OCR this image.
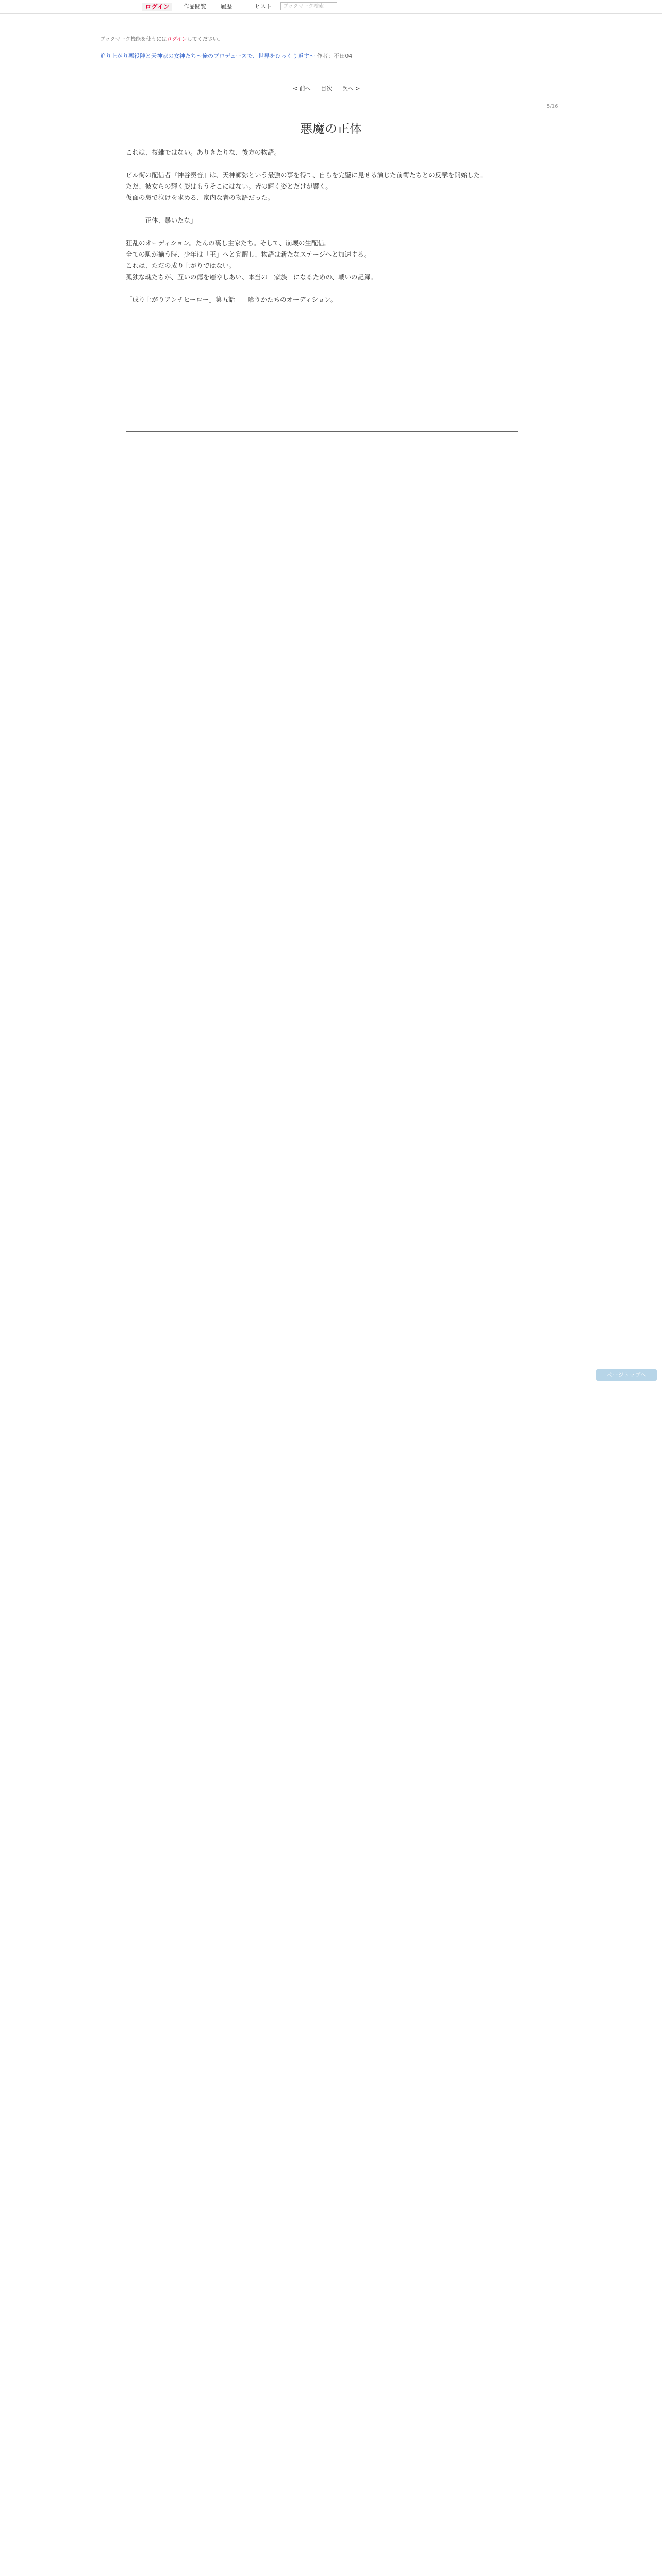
ログイン	作品閲覧	履歴	ヒスト	ブックマーク検索
ブックマーク機能を使うにはログインしてください。
追り上がり悪役陣と天神家の女神たち〜俺のプロデュースで、世界をひっくり返す〜 作者：不田04
< 前へ 目次 次へ >
5/16
悪魔の正体

これは、複雑ではない。ありきたりな、後方の物語。

ビル街の配信者『神谷奏音』は、天神師弥という最強の事を得て、自らを完璧に見せる演じた前衛たちとの反撃を開始した。

ただ、彼女らの輝く姿はもうそこにはない。皆の輝く姿とだけが響く。

仮面の裏で泣けを求める、家内な者の物語だった。

「——正体、暴いたな」

狂乱のオーディション。たんの裏し主家たち。そして、崩壊の生配信。

全ての駒が揃う時、少年は「王」へと覚醒し、物語は新たなステージへと加速する。

これは、ただの成り上がりではない。

孤独な魂たちが、互いの傷を癒やしあい、本当の「家族」になるための、戦いの記録。

「成り上がりアンチヒーロー」第五話——喰うかたちのオーディション。

ページトップへ
